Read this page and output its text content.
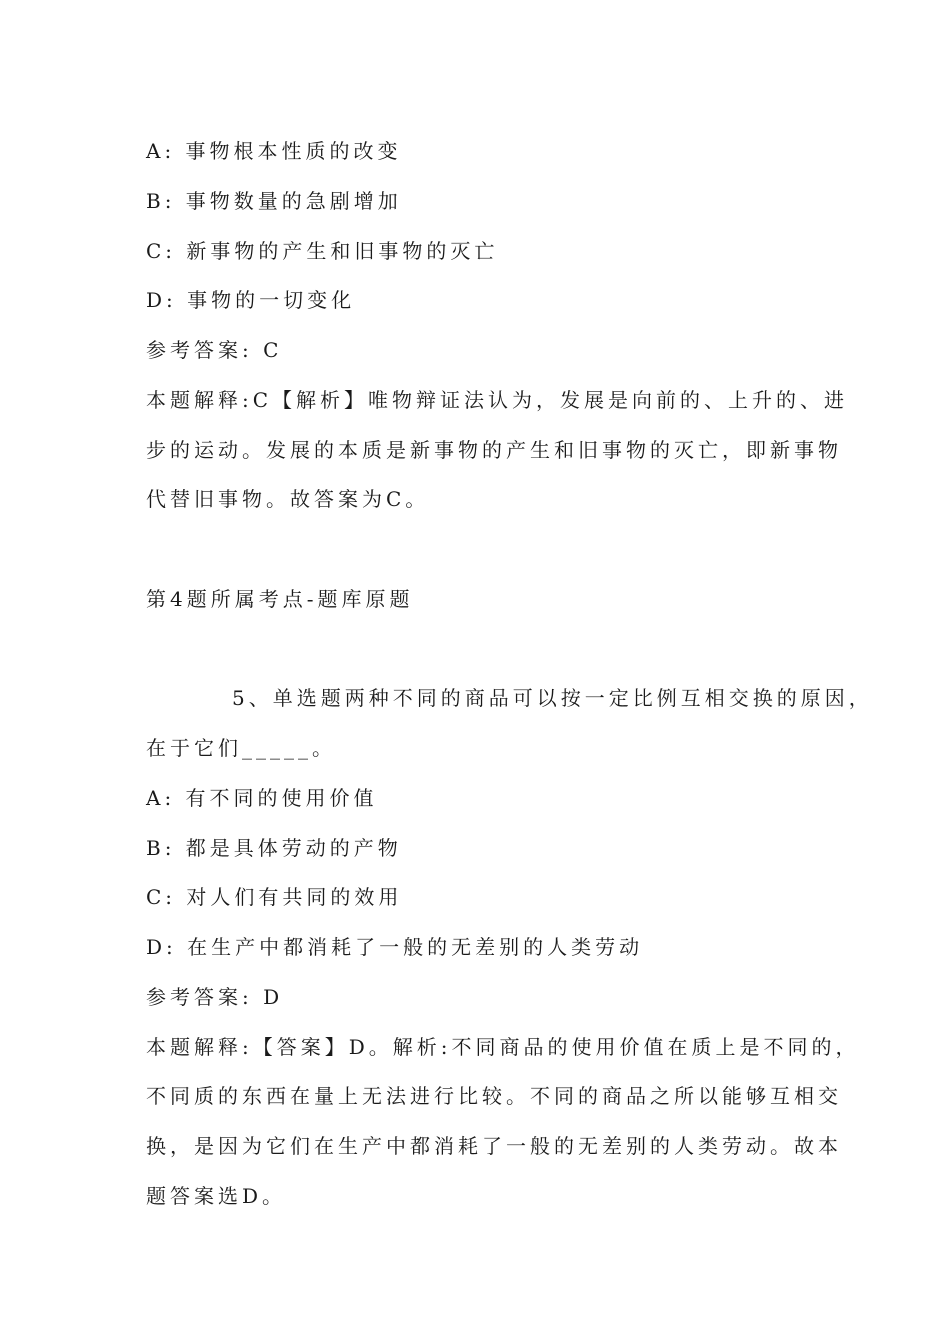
A: 事物根本性质的改变
B: 事物数量的急剧增加
C: 新事物的产生和旧事物的灭亡
D: 事物的一切变化
参考答案: C
本题解释:C【解析】唯物辩证法认为，发展是向前的、上升的、进
步的运动。发展的本质是新事物的产生和旧事物的灭亡，即新事物
代替旧事物。故答案为C。
第4题所属考点-题库原题
5、单选题两种不同的商品可以按一定比例互相交换的原因，
在于它们_____。
A: 有不同的使用价值
B: 都是具体劳动的产物
C: 对人们有共同的效用
D: 在生产中都消耗了一般的无差别的人类劳动
参考答案: D
本题解释:【答案】D。解析:不同商品的使用价值在质上是不同的，
不同质的东西在量上无法进行比较。不同的商品之所以能够互相交
换，是因为它们在生产中都消耗了一般的无差别的人类劳动。故本
题答案选D。
